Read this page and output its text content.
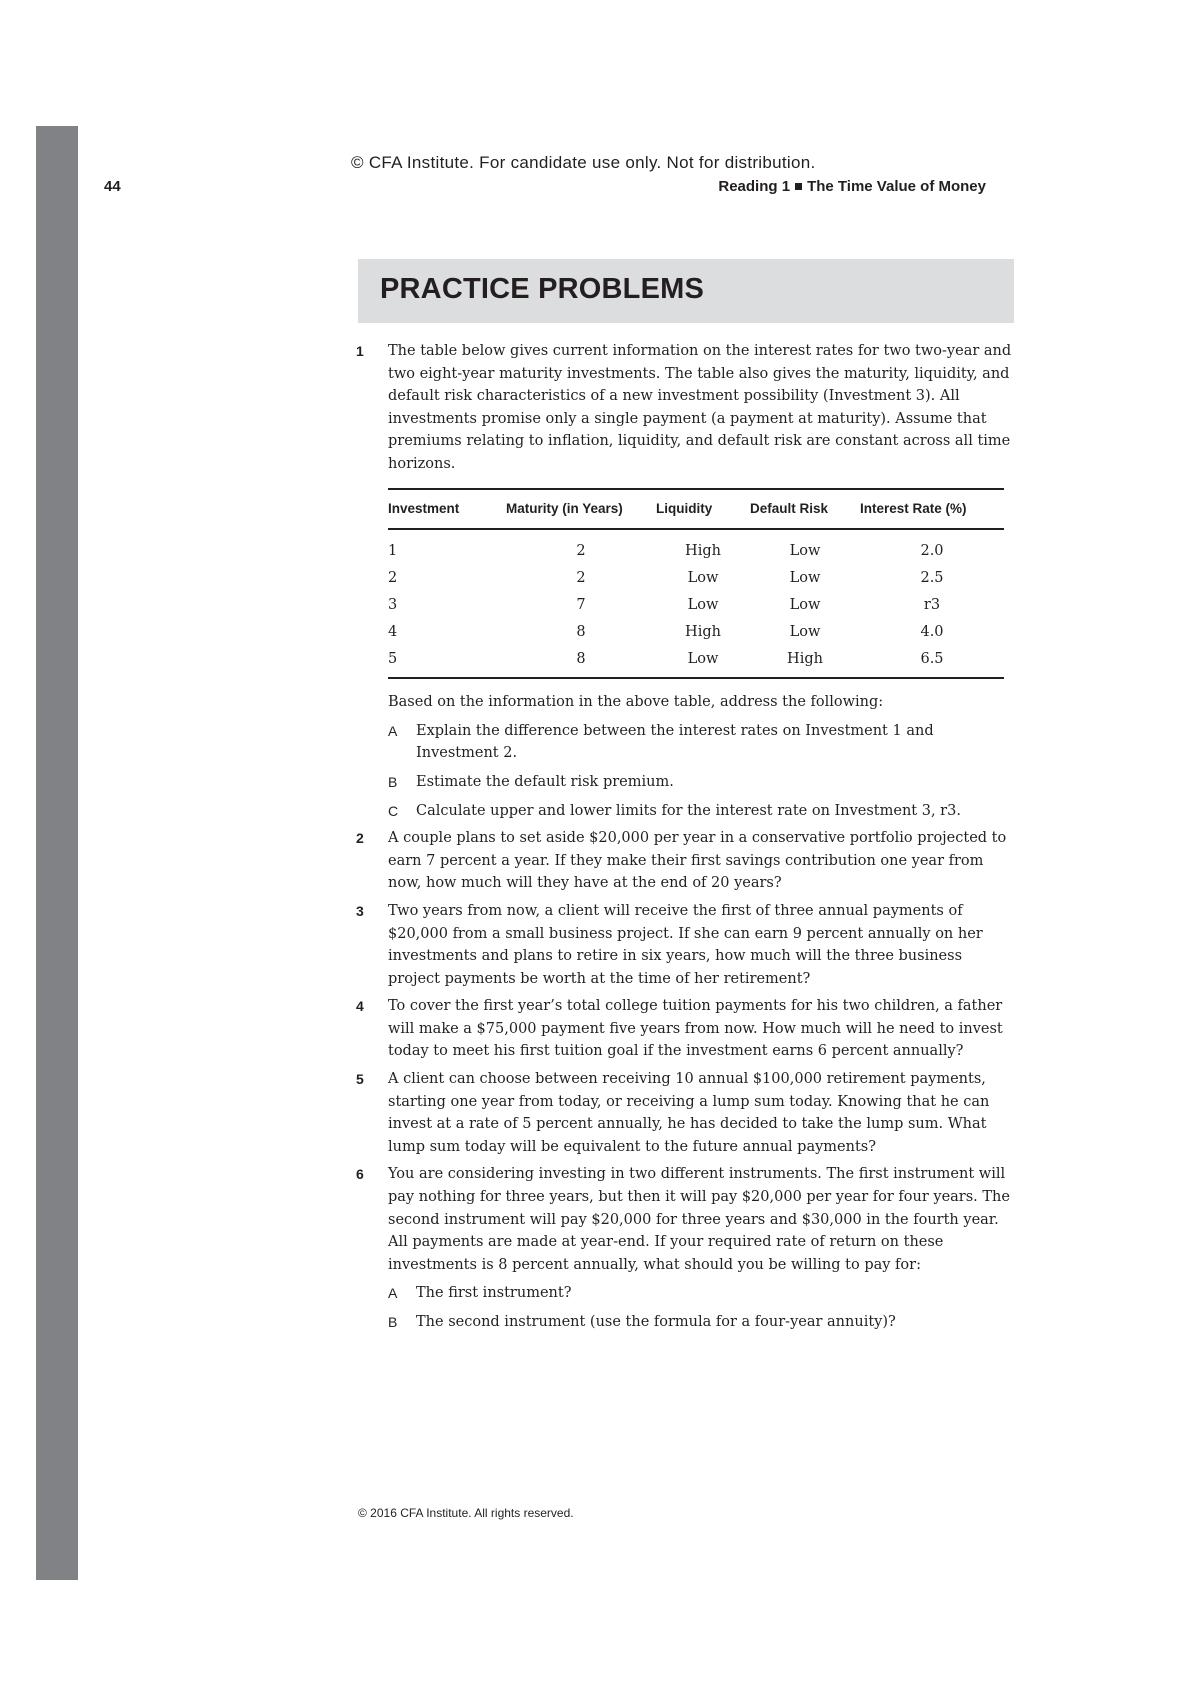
© CFA Institute. For candidate use only. Not for distribution.
44	Reading 1 The Time Value of Money
PRACTICE PROBLEMS
1 The table below gives current information on the interest rates for two two-year and two eight-year maturity investments. The table also gives the maturity, liquidity, and default risk characteristics of a new investment possibility (Investment 3). All investments promise only a single payment (a payment at maturity). Assume that premiums relating to inflation, liquidity, and default risk are constant across all time horizons.
Investment	Maturity (in Years)	Liquidity	Default Risk	Interest Rate (%)
1	2	High	Low	2.0
2	2	Low	Low	2.5
3	7	Low	Low	r3
4	8	High	Low	4.0
5	8	Low	High	6.5
Based on the information in the above table, address the following:
A Explain the difference between the interest rates on Investment 1 and Investment 2.
B Estimate the default risk premium.
C Calculate upper and lower limits for the interest rate on Investment 3, r3.
2 A couple plans to set aside $20,000 per year in a conservative portfolio projected to earn 7 percent a year. If they make their first savings contribution one year from now, how much will they have at the end of 20 years?
3 Two years from now, a client will receive the first of three annual payments of $20,000 from a small business project. If she can earn 9 percent annually on her investments and plans to retire in six years, how much will the three business project payments be worth at the time of her retirement?
4 To cover the first year’s total college tuition payments for his two children, a father will make a $75,000 payment five years from now. How much will he need to invest today to meet his first tuition goal if the investment earns 6 percent annually?
5 A client can choose between receiving 10 annual $100,000 retirement payments, starting one year from today, or receiving a lump sum today. Knowing that he can invest at a rate of 5 percent annually, he has decided to take the lump sum. What lump sum today will be equivalent to the future annual payments?
6 You are considering investing in two different instruments. The first instrument will pay nothing for three years, but then it will pay $20,000 per year for four years. The second instrument will pay $20,000 for three years and $30,000 in the fourth year. All payments are made at year-end. If your required rate of return on these investments is 8 percent annually, what should you be willing to pay for:
A The first instrument?
B The second instrument (use the formula for a four-year annuity)?
© 2016 CFA Institute. All rights reserved.
